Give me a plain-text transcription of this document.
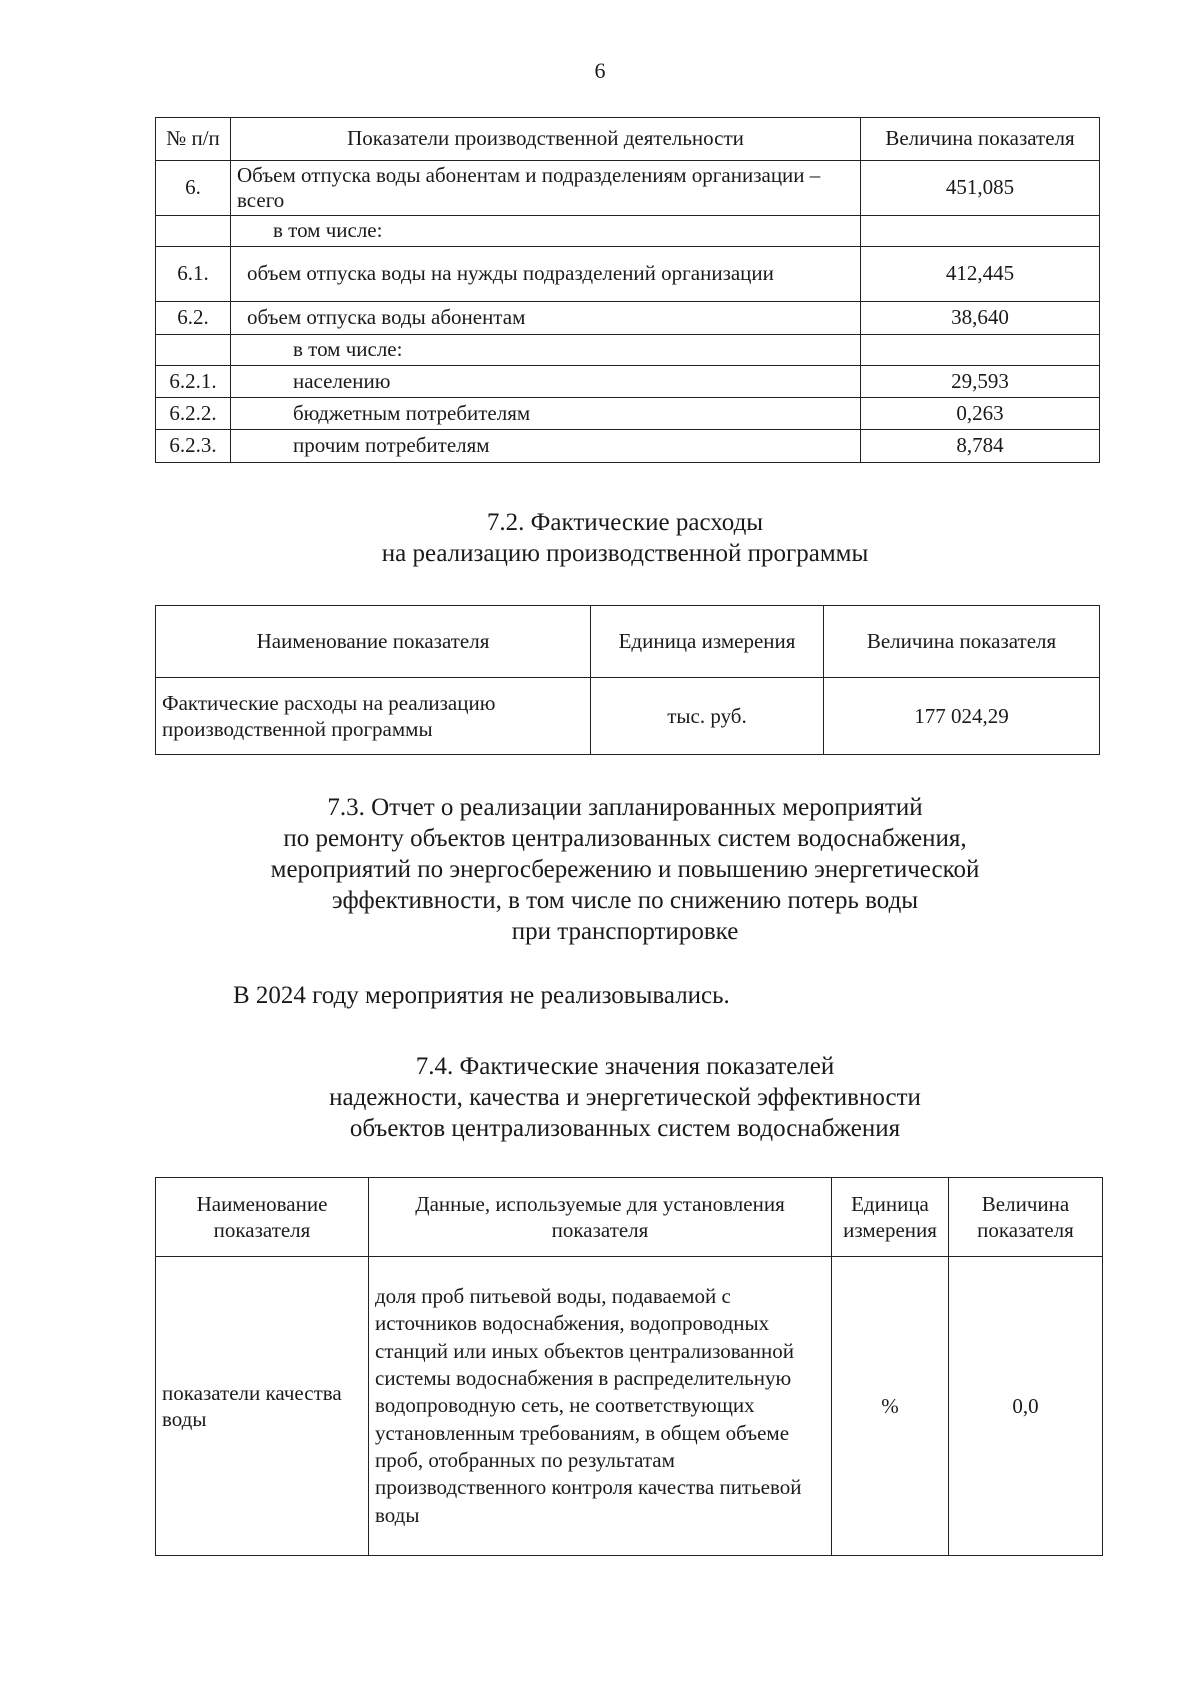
6
№ п/п	Показатели производственной деятельности	Величина показателя
6.	Объем отпуска воды абонентам и подразделениям организации – всего	451,085
	в том числе:	
6.1.	объем отпуска воды на нужды подразделений организации	412,445
6.2.	объем отпуска воды абонентам	38,640
	в том числе:	
6.2.1.	населению	29,593
6.2.2.	бюджетным потребителям	0,263
6.2.3.	прочим потребителям	8,784
7.2. Фактические расходы
на реализацию производственной программы
Наименование показателя	Единица измерения	Величина показателя
Фактические расходы на реализацию производственной программы	тыс. руб.	177 024,29
7.3. Отчет о реализации запланированных мероприятий
по ремонту объектов централизованных систем водоснабжения,
мероприятий по энергосбережению и повышению энергетической
эффективности, в том числе по снижению потерь воды
при транспортировке
В 2024 году мероприятия не реализовывались.
7.4. Фактические значения показателей
надежности, качества и энергетической эффективности
объектов централизованных систем водоснабжения
Наименование показателя	Данные, используемые для установления показателя	Единица измерения	Величина показателя
показатели качества воды	доля проб питьевой воды, подаваемой с источников водоснабжения, водопроводных станций или иных объектов централизованной системы водоснабжения в распределительную водопроводную сеть, не соответствующих установленным требованиям, в общем объеме проб, отобранных по результатам производственного контроля качества питьевой воды	%	0,0
